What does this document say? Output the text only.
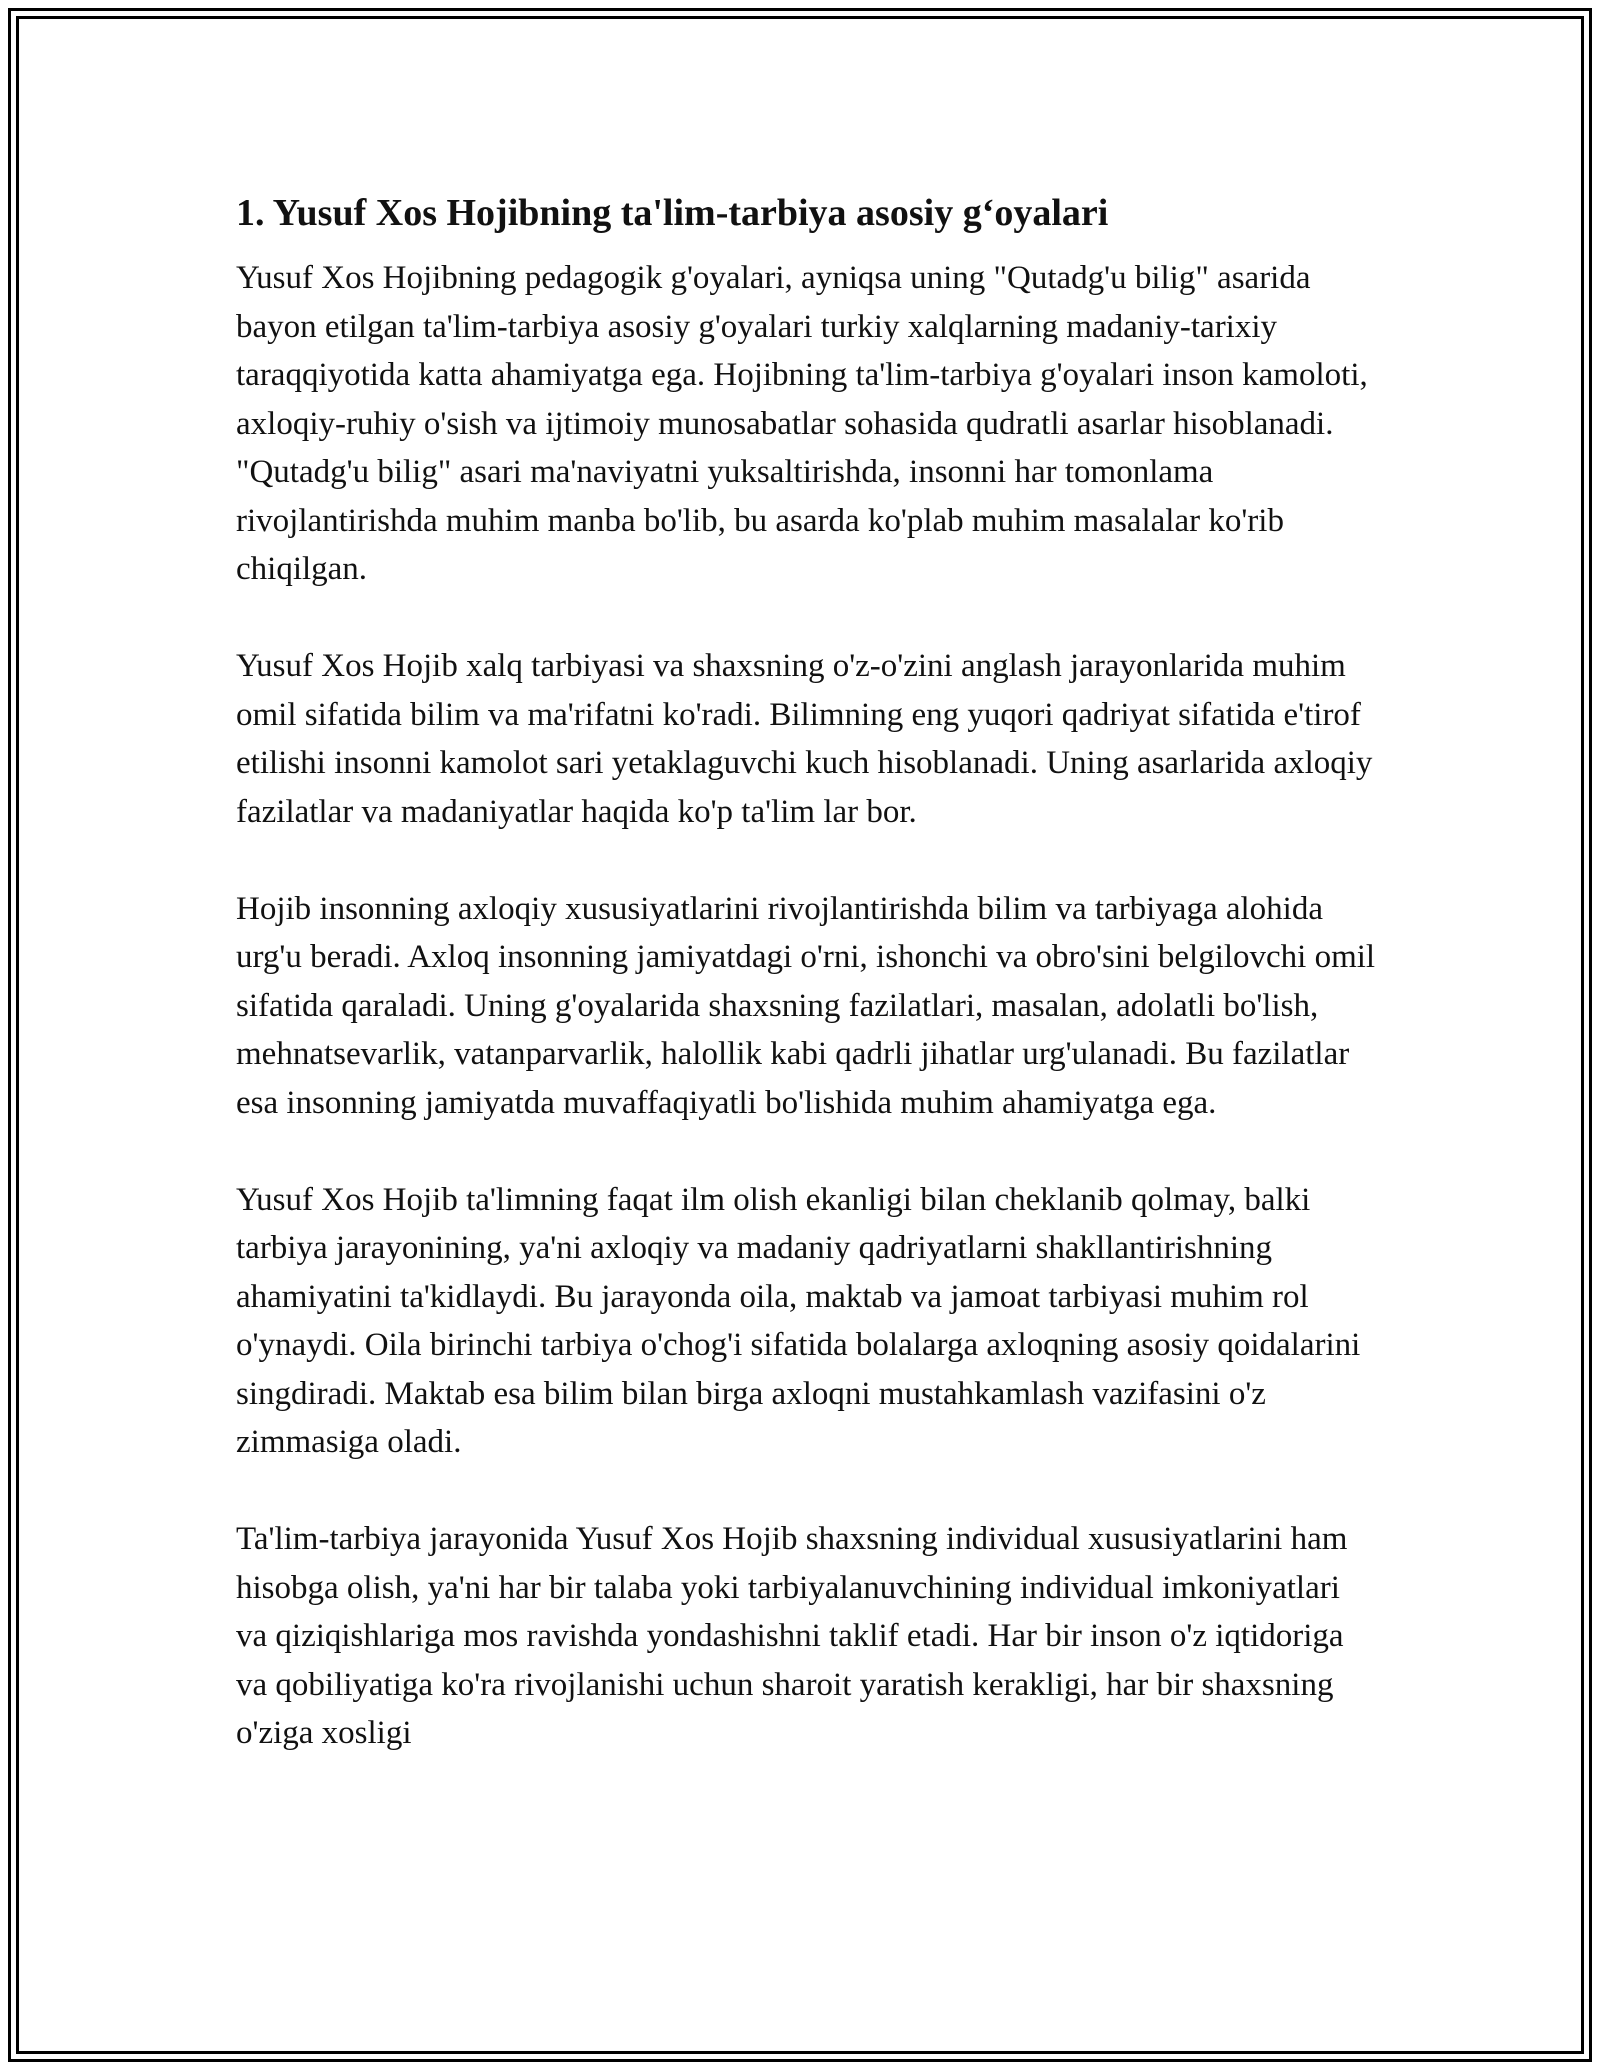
1. Yusuf Xos Hojibning ta'lim-tarbiya asosiy g‘oyalari

Yusuf Xos Hojibning pedagogik g'oyalari, ayniqsa uning "Qutadg'u bilig" asarida bayon etilgan ta'lim-tarbiya asosiy g'oyalari turkiy xalqlarning madaniy-tarixiy taraqqiyotida katta ahamiyatga ega. Hojibning ta'lim-tarbiya g'oyalari inson kamoloti, axloqiy-ruhiy o'sish va ijtimoiy munosabatlar sohasida qudratli asarlar hisoblanadi. "Qutadg'u bilig" asari ma'naviyatni yuksaltirishda, insonni har tomonlama rivojlantirishda muhim manba bo'lib, bu asarda ko'plab muhim masalalar ko'rib chiqilgan.

Yusuf Xos Hojib xalq tarbiyasi va shaxsning o'z-o'zini anglash jarayonlarida muhim omil sifatida bilim va ma'rifatni ko'radi. Bilimning eng yuqori qadriyat sifatida e'tirof etilishi insonni kamolot sari yetaklaguvchi kuch hisoblanadi. Uning asarlarida axloqiy fazilatlar va madaniyatlar haqida ko'p ta'lim lar bor.

Hojib insonning axloqiy xususiyatlarini rivojlantirishda bilim va tarbiyaga alohida urg'u beradi. Axloq insonning jamiyatdagi o'rni, ishonchi va obro'sini belgilovchi omil sifatida qaraladi. Uning g'oyalarida shaxsning fazilatlari, masalan, adolatli bo'lish, mehnatsevarlik, vatanparvarlik, halollik kabi qadrli jihatlar urg'ulanadi. Bu fazilatlar esa insonning jamiyatda muvaffaqiyatli bo'lishida muhim ahamiyatga ega.

Yusuf Xos Hojib ta'limning faqat ilm olish ekanligi bilan cheklanib qolmay, balki tarbiya jarayonining, ya'ni axloqiy va madaniy qadriyatlarni shakllantirishning ahamiyatini ta'kidlaydi. Bu jarayonda oila, maktab va jamoat tarbiyasi muhim rol o'ynaydi. Oila birinchi tarbiya o'chog'i sifatida bolalarga axloqning asosiy qoidalarini singdiradi. Maktab esa bilim bilan birga axloqni mustahkamlash vazifasini o'z zimmasiga oladi.

Ta'lim-tarbiya jarayonida Yusuf Xos Hojib shaxsning individual xususiyatlarini ham hisobga olish, ya'ni har bir talaba yoki tarbiyalanuvchining individual imkoniyatlari va qiziqishlariga mos ravishda yondashishni taklif etadi. Har bir inson o'z iqtidoriga va qobiliyatiga ko'ra rivojlanishi uchun sharoit yaratish kerakligi, har bir shaxsning o'ziga xosligi
